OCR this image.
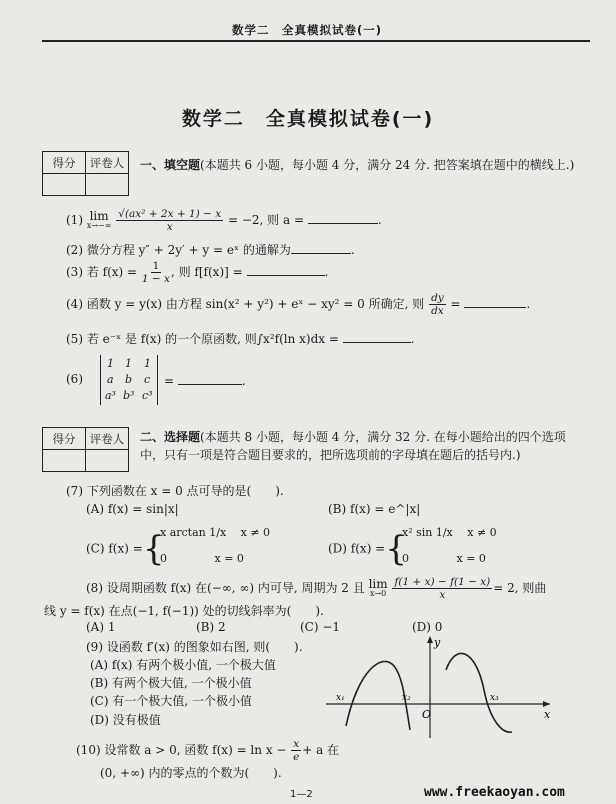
数学二　全真模拟试卷(一)
数学二　全真模拟试卷(一)
得分	评卷人
	一、填空题(本题共 6 小题，每小题 4 分，满分 24 分. 把答案填在题中的横线上.)
(1) lim
x→−∞
$\frac{\text{√(ax² + 2x + 1) − x}}{x} = -2$, 则 a =	.
(2) 微分方程 y″ + 2y′ + y = eˣ 的通解为	.
(3) 若 $f(x) = \frac{1}{1 - x}$ , 则 f[f(x)] =	.
(4) 函数 y = y(x) 由方程 sin(x² + y²) + eˣ − xy² = 0 所确定, 则 $\frac{dy}{dx}$ =	.
(5) 若 e⁻ˣ 是 f(x) 的一个原函数, 则∫x²f(ln x)dx =	.
(6)
1 1 1
a b c
a³ b³ c³
=	.
得分	评卷人
	二、选择题(本题共 8 小题，每小题 4 分，满分 32 分. 在每小题给出的四个选项中，只有一项是符合题目要求的，把所选项前的字母填在题后的括号内.)
(7) 下列函数在 x = 0 点可导的是(　　).
(A) f(x) = sin|x|	(B) f(x) = e^|x|
(C) f(x) ={
x arctan 1/x　 x ≠ 0
0　　　　 x = 0
(D) f(x) ={
x² sin 1/x　 x ≠ 0
0　　　　 x = 0
(8) 设周期函数 f(x) 在(−∞, ∞) 内可导, 周期为 2 且 lim
x→0
$\frac{f(1 + x) - f(1 - x)}{x} = 2$, 则曲
线 y = f(x) 在点(−1, f(−1)) 处的切线斜率为(　　).
(A) 1	(B) 2	(C) −1	(D) 0
(9) 设函数 f′(x) 的图象如右图, 则(　　).
(A) f(x) 有两个极小值, 一个极大值
(B) 有两个极大值, 一个极小值
(C) 有一个极大值, 一个极小值
(D) 没有极值	O
y
x
x₁	x₂	x₃
(10) 设常数 a > 0, 函数 $f(x) = \ln x - \frac{x}{e} + a$ 在
(0, +∞) 内的零点的个数为(　　).
1—2	www.freekaoyan.com
